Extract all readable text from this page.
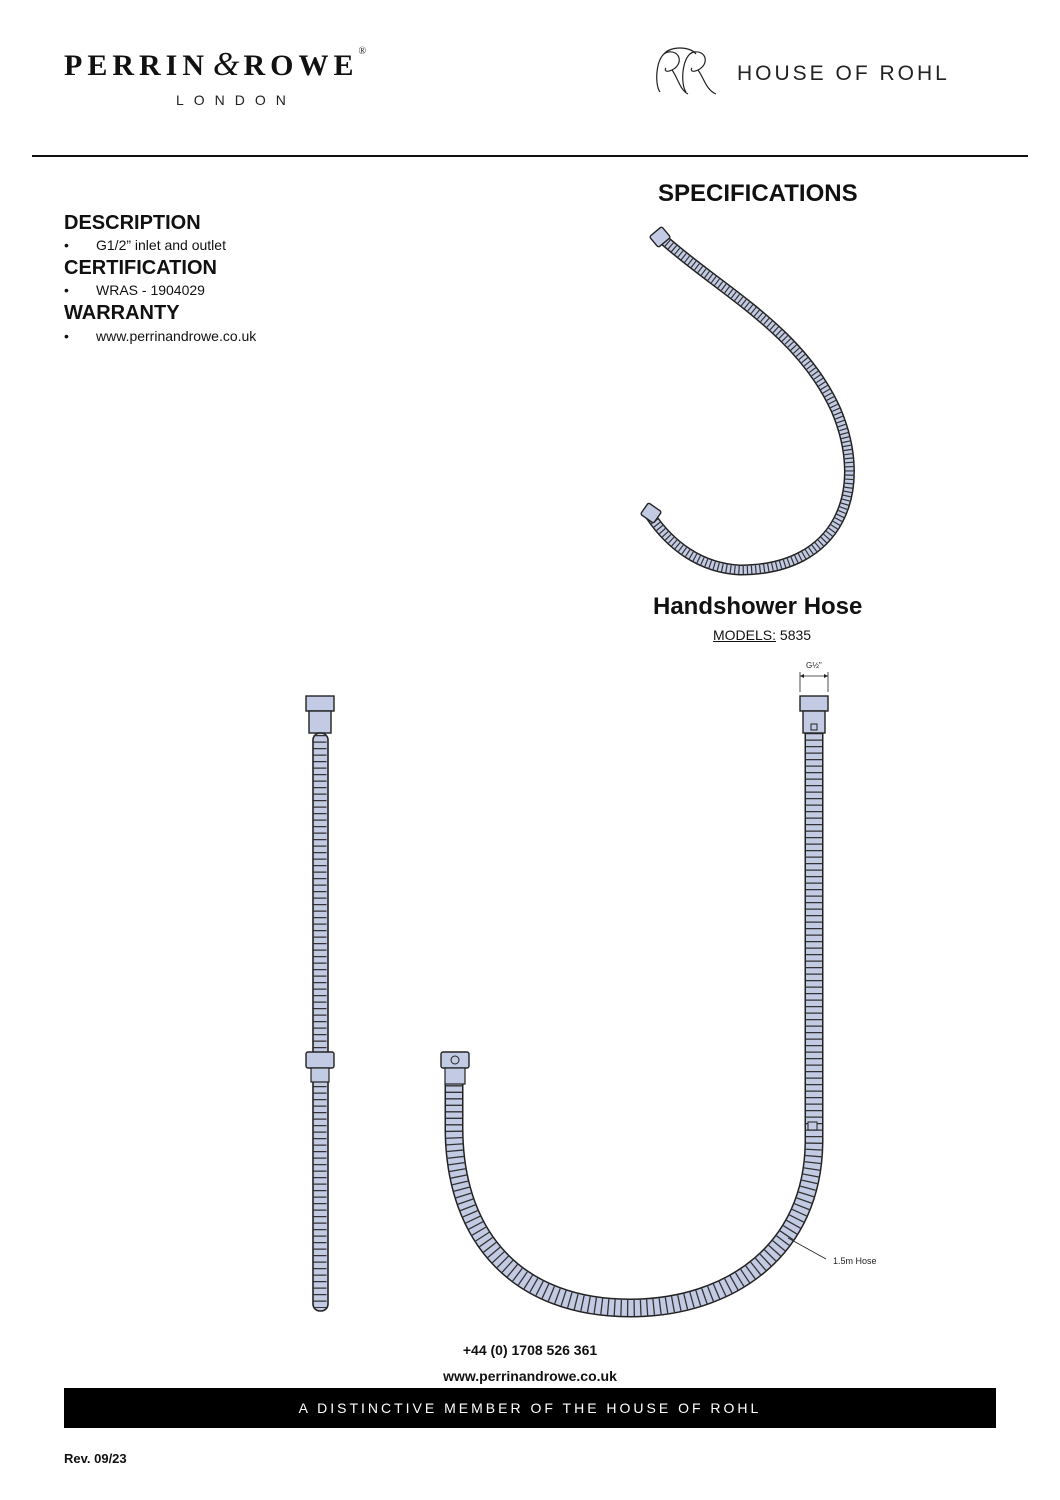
PERRIN & ROWE®
LONDON
HOUSE OF ROHL
DESCRIPTION
• G1/2” inlet and outlet
CERTIFICATION
• WRAS - 1904029
WARRANTY
• www.perrinandrowe.co.uk
SPECIFICATIONS
Handshower Hose
MODELS: 5835
G½"
1.5m Hose
+44 (0) 1708 526 361
www.perrinandrowe.co.uk
A DISTINCTIVE MEMBER OF THE HOUSE OF ROHL
Rev. 09/23
